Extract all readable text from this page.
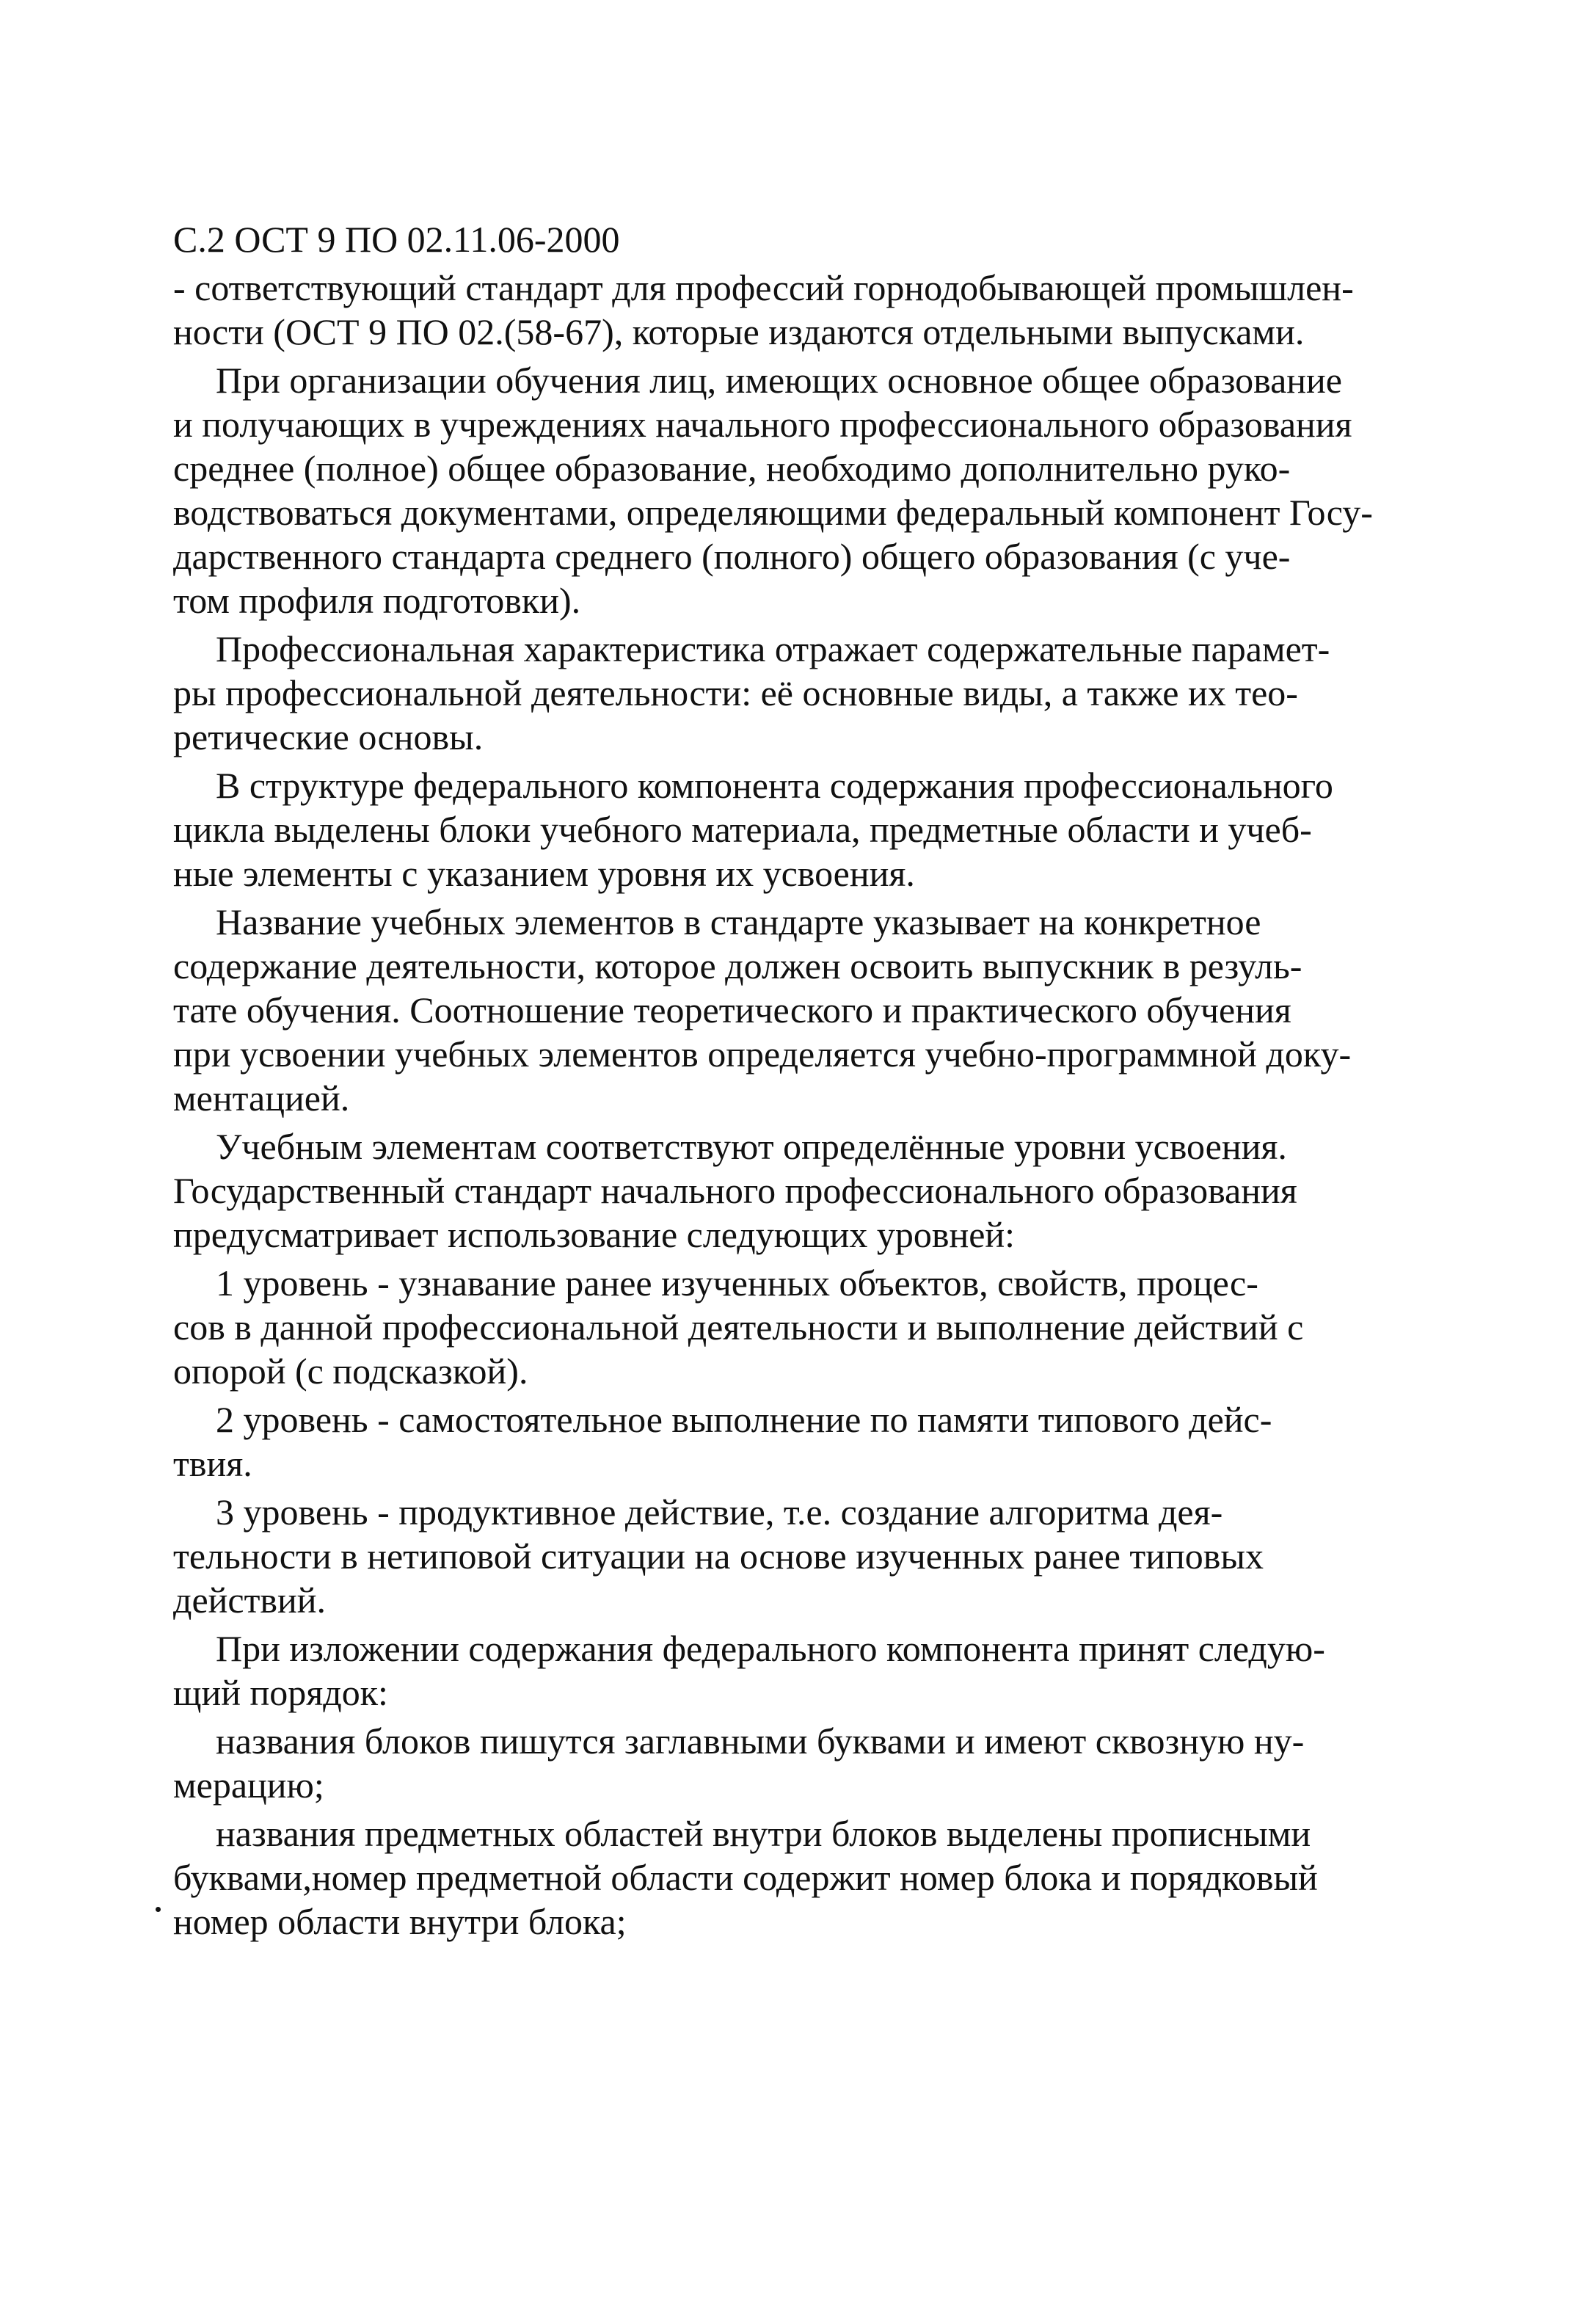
С.2 ОСТ 9 ПО 02.11.06-2000
- сответствующий стандарт для профессий горнодобывающей промышлен-
ности (ОСТ 9 ПО 02.(58-67), которые издаются отдельными выпусками.
При организации обучения лиц, имеющих основное общее образование
и получающих в учреждениях начального профессионального образования
среднее (полное) общее образование, необходимо дополнительно руко-
водствоваться документами, определяющими федеральный компонент Госу-
дарственного стандарта среднего (полного) общего образования (с уче-
том профиля подготовки).
Профессиональная характеристика отражает содержательные парамет-
ры профессиональной деятельности: её основные виды, а также их тео-
ретические основы.
В структуре федерального компонента содержания профессионального
цикла выделены блоки учебного материала, предметные области и учеб-
ные элементы с указанием уровня их усвоения.
Название учебных элементов в стандарте указывает на конкретное
содержание деятельности, которое должен освоить выпускник в резуль-
тате обучения. Соотношение теоретического и практического обучения
при усвоении учебных элементов определяется учебно-программной доку-
ментацией.
Учебным элементам соответствуют определённые уровни усвоения.
Государственный стандарт начального профессионального образования
предусматривает использование следующих уровней:
1 уровень - узнавание ранее изученных объектов, свойств, процес-
сов в данной профессиональной деятельности и выполнение действий с
опорой (с подсказкой).
2 уровень - самостоятельное выполнение по памяти типового дейс-
твия.
3 уровень - продуктивное действие, т.е. создание алгоритма дея-
тельности в нетиповой ситуации на основе изученных ранее типовых
действий.
При изложении содержания федерального компонента принят следую-
щий порядок:
названия блоков пишутся заглавными буквами и имеют сквозную ну-
мерацию;
названия предметных областей внутри блоков выделены прописными
буквами,номер предметной области содержит номер блока и порядковый
номер области внутри блока;
